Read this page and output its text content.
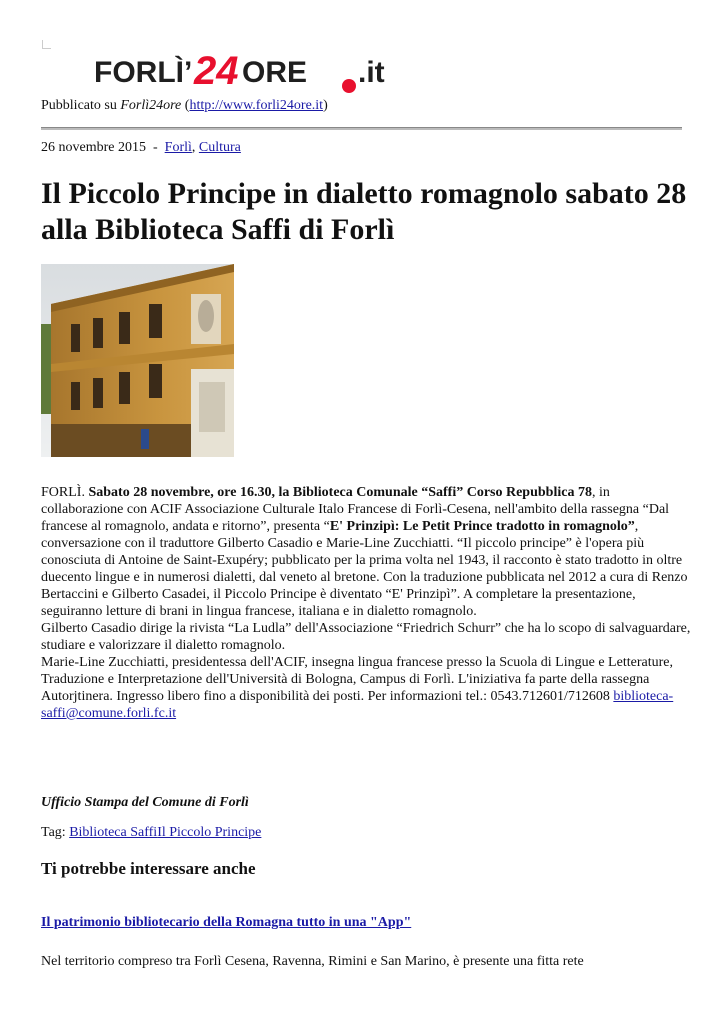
FORLÌ’ 24 ORE .it
Pubblicato su Forlì24ore (http://www.forli24ore.it)
26 novembre 2015 - Forlì, Cultura
Il Piccolo Principe in dialetto romagnolo sabato 28 alla Biblioteca Saffi di Forlì

FORLÌ. Sabato 28 novembre, ore 16.30, la Biblioteca Comunale “Saffi” Corso Repubblica 78, in collaborazione con ACIF Associazione Culturale Italo Francese di Forlì-Cesena, nell'ambito della rassegna “Dal francese al romagnolo, andata e ritorno”, presenta “E' Prinzipì: Le Petit Prince tradotto in romagnolo”, conversazione con il traduttore Gilberto Casadio e Marie-Line Zucchiatti. “Il piccolo principe” è l'opera più conosciuta di Antoine de Saint-Exupéry; pubblicato per la prima volta nel 1943, il racconto è stato tradotto in oltre duecento lingue e in numerosi dialetti, dal veneto al bretone. Con la traduzione pubblicata nel 2012 a cura di Renzo Bertaccini e Gilberto Casadei, il Piccolo Principe è diventato “E' Prinzipì”. A completare la presentazione, seguiranno letture di brani in lingua francese, italiana e in dialetto romagnolo.

Gilberto Casadio dirige la rivista “La Ludla” dell'Associazione “Friedrich Schurr” che ha lo scopo di salvaguardare, studiare e valorizzare il dialetto romagnolo.

Marie-Line Zucchiatti, presidentessa dell'ACIF, insegna lingua francese presso la Scuola di Lingue e Letterature, Traduzione e Interpretazione dell'Università di Bologna, Campus di Forlì. L'iniziativa fa parte della rassegna Autorjtinera. Ingresso libero fino a disponibilità dei posti. Per informazioni tel.: 0543.712601/712608 biblioteca-saffi@comune.forli.fc.it

Ufficio Stampa del Comune di Forlì
Tag: Biblioteca SaffiIl Piccolo Principe
Ti potrebbe interessare anche
Il patrimonio bibliotecario della Romagna tutto in una "App"
Nel territorio compreso tra Forlì Cesena, Ravenna, Rimini e San Marino, è presente una fitta rete
